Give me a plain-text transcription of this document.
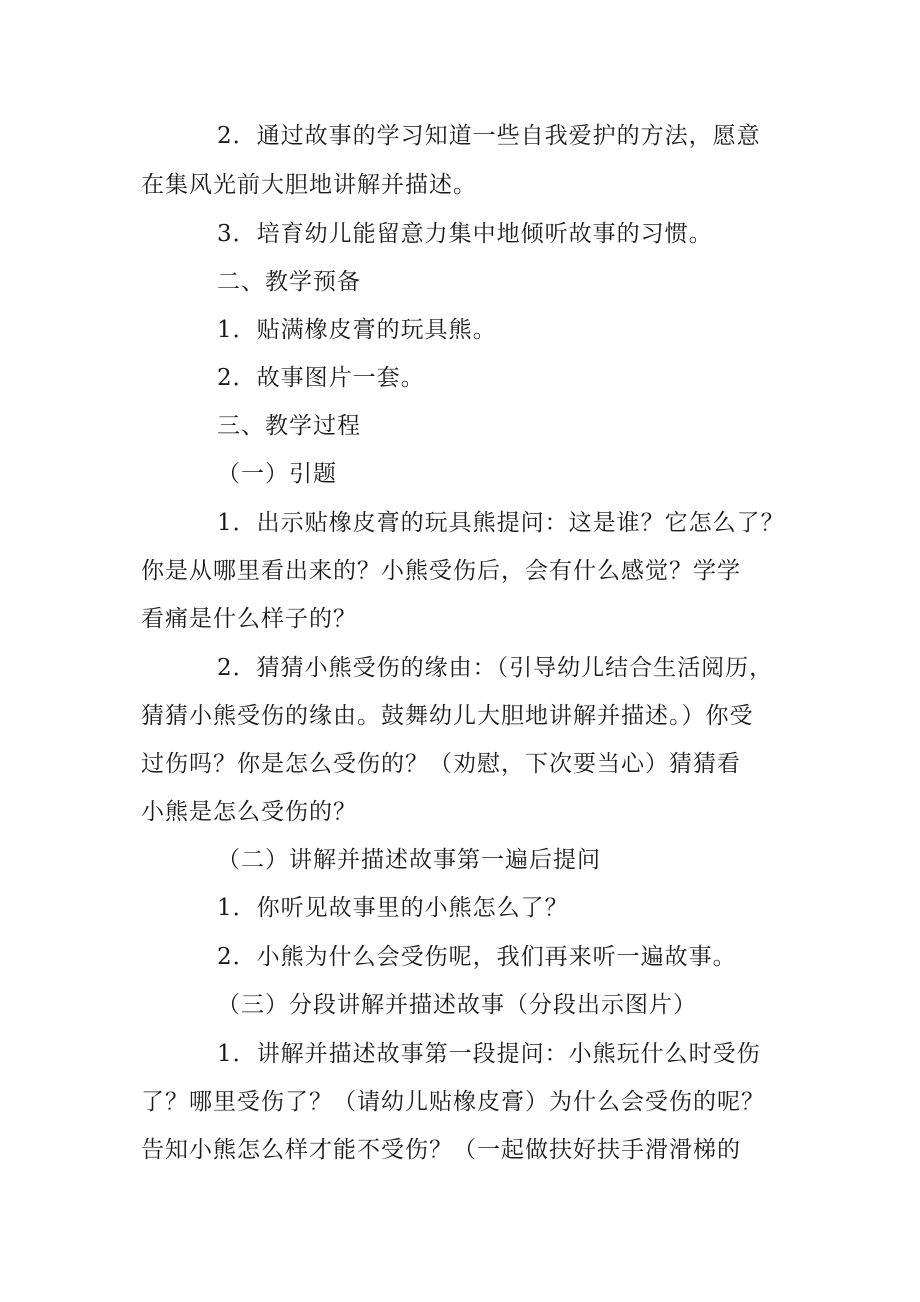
2．通过故事的学习知道一些自我爱护的方法，愿意
在集风光前大胆地讲解并描述。
3．培育幼儿能留意力集中地倾听故事的习惯。
二、教学预备
1．贴满橡皮膏的玩具熊。
2．故事图片一套。
三、教学过程
（一）引题
1．出示贴橡皮膏的玩具熊提问：这是谁？它怎么了？
你是从哪里看出来的？小熊受伤后，会有什么感觉？学学
看痛是什么样子的？
2．猜猜小熊受伤的缘由：（引导幼儿结合生活阅历，
猜猜小熊受伤的缘由。鼓舞幼儿大胆地讲解并描述。）你受
过伤吗？你是怎么受伤的？（劝慰，下次要当心）猜猜看
小熊是怎么受伤的？
（二）讲解并描述故事第一遍后提问
1．你听见故事里的小熊怎么了？
2．小熊为什么会受伤呢，我们再来听一遍故事。
（三）分段讲解并描述故事（分段出示图片）
1．讲解并描述故事第一段提问：小熊玩什么时受伤
了？哪里受伤了？（请幼儿贴橡皮膏）为什么会受伤的呢？
告知小熊怎么样才能不受伤？（一起做扶好扶手滑滑梯的
